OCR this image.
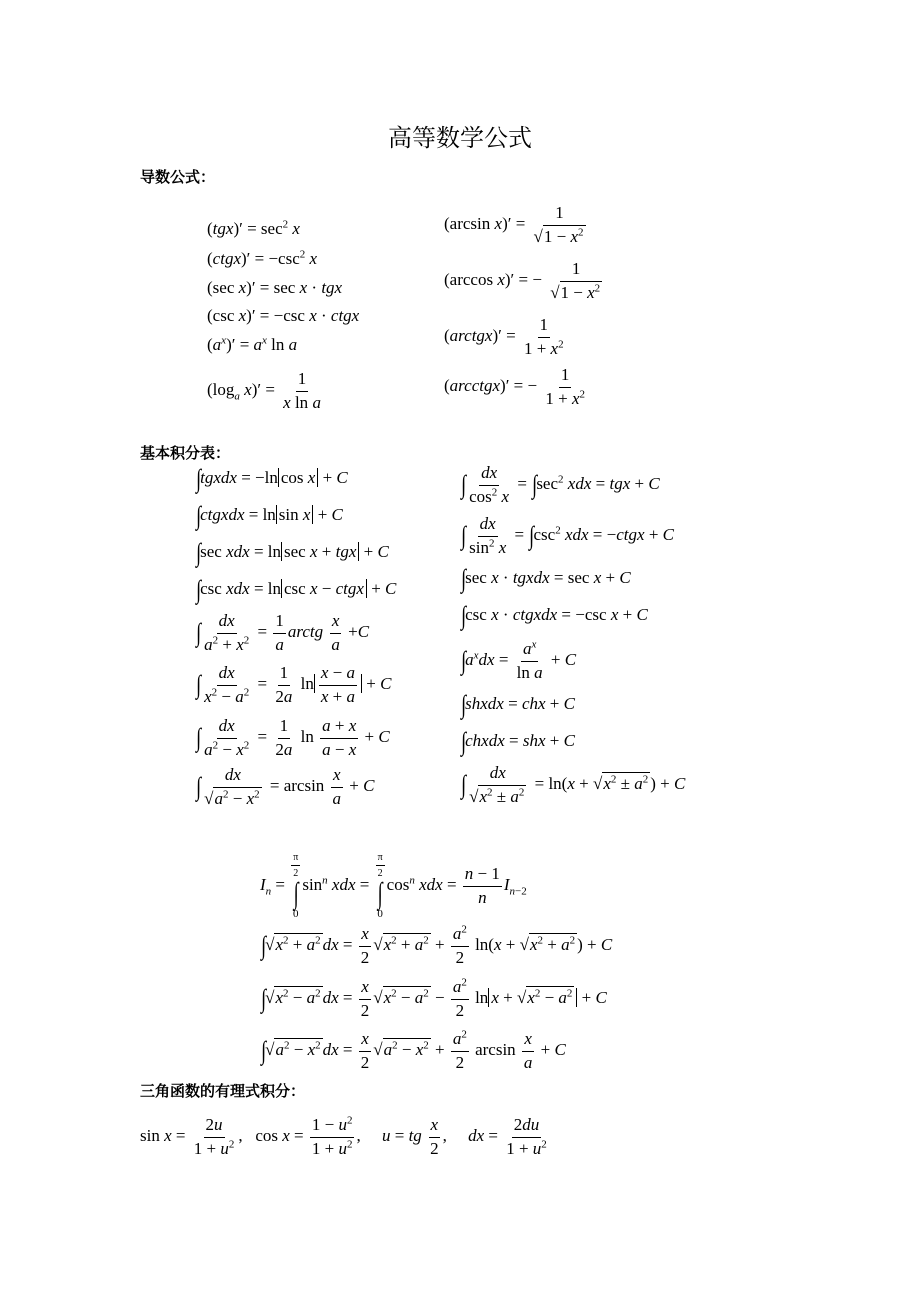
高等数学公式
导数公式：
$(tgx)' = \sec^2 x$
(ctgx)′ = $-\csc^2$ x
(sec x)′ = sec x · tgx
(csc x)′ = −csc x · ctgx
$(a^x)' = a^x$ ln a
($\log_a$ $x)' = \frac{1}{\text{x ln a}}$
(arcsin $x)' = \frac{1}{√1 - x^2}$
(arccos x)′ = − $\frac{1}{√1 - x^2}$
(arctgx)′ = $\frac{1}{1 + x^2}$
(arcctgx)′ = − $\frac{1}{1 + x^2}$
基本积分表：
∫tgxdx = −ln cos x + C
∫ctgxdx = ln sin x + C
∫sec xdx = ln sec x + tgx + C
∫csc xdx = ln csc x − ctgx + C
∫ $\frac{dx}{a^2 + x^2} = \frac{1}{a}$ arctg $\frac{x}{a} +C$
∫ $\frac{dx}{x^2 - a^2} = \frac{1}{2a}$ $\ln \frac{x - a}{x + a} + C$
∫ $\frac{dx}{a^2 - x^2} = \frac{1}{2a}$ $\ln \frac{a + x}{a - x} + C$
∫ $\frac{dx}{√a^2 - x^2} = \arcsin \frac{x}{a} + C$
∫ $\frac{dx}{\cos^2 x} = \int\sec^2$ xdx = tgx + C
∫ $\frac{dx}{\sin^2 x} = \int\csc^2$ xdx = −ctgx + C
∫sec x · tgxdx = sec x + C
∫csc x · ctgxdx = −csc x + C
$\int a^xdx = \frac{a^x}{\text{ln a}} + C$
∫shxdx = chx + C
∫chxdx = shx + C
∫ $\frac{dx}{√x^2 \pm a^2} = \ln(x + √x^2 \pm a^2$ ) + C
$I_n$ =
$\frac{\pi}{2}$
∫
0
$\sin^n$ xdx =
$\frac{\pi}{2}$
∫
0
$\cos^n$ xdx = $\frac{n - 1}{n} I_{n-2}$
$\int√x^2 + a^2$ dx = $\frac{x}{2} √x^2 + a^2 + \frac{a^2}{2} \ln(x + √x^2 + a^2$ ) + C
$\int√x^2 - a^2$ dx = $\frac{x}{2} √x^2 - a^2 - \frac{a^2}{2}$ $\ln x + √x^2 - a^2 + C$
$\int√a^2 - x^2$ dx = $\frac{x}{2} √a^2 - x^2 + \frac{a^2}{2}$ $\arcsin \frac{x}{a} + C$
三角函数的有理式积分：
$\sin x = \frac{2u}{1 + u^2}$ ,   $\cos x = \frac{1 - u^2}{1 + u^2}$ ,     u = tg $\frac{x}{2}$ ,     dx = $\frac{2du}{1 + u^2}$
